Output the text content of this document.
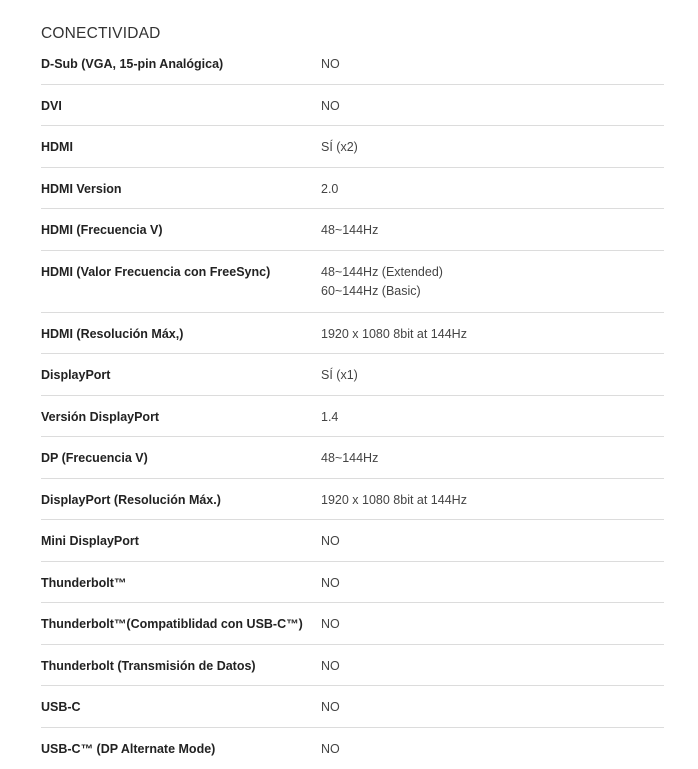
CONECTIVIDAD
D-Sub (VGA, 15-pin Analógica)	NO
DVI	NO
HDMI	SÍ (x2)
HDMI Version	2.0
HDMI (Frecuencia V)	48~144Hz
HDMI (Valor Frecuencia con FreeSync)	48~144Hz (Extended)
60~144Hz (Basic)
HDMI (Resolución Máx,)	1920 x 1080 8bit at 144Hz
DisplayPort	SÍ (x1)
Versión DisplayPort	1.4
DP (Frecuencia V)	48~144Hz
DisplayPort (Resolución Máx.)	1920 x 1080 8bit at 144Hz
Mini DisplayPort	NO
Thunderbolt™	NO
Thunderbolt™(Compatiblidad con USB-C™)	NO
Thunderbolt (Transmisión de Datos)	NO
USB-C	NO
USB-C™ (DP Alternate Mode)	NO
